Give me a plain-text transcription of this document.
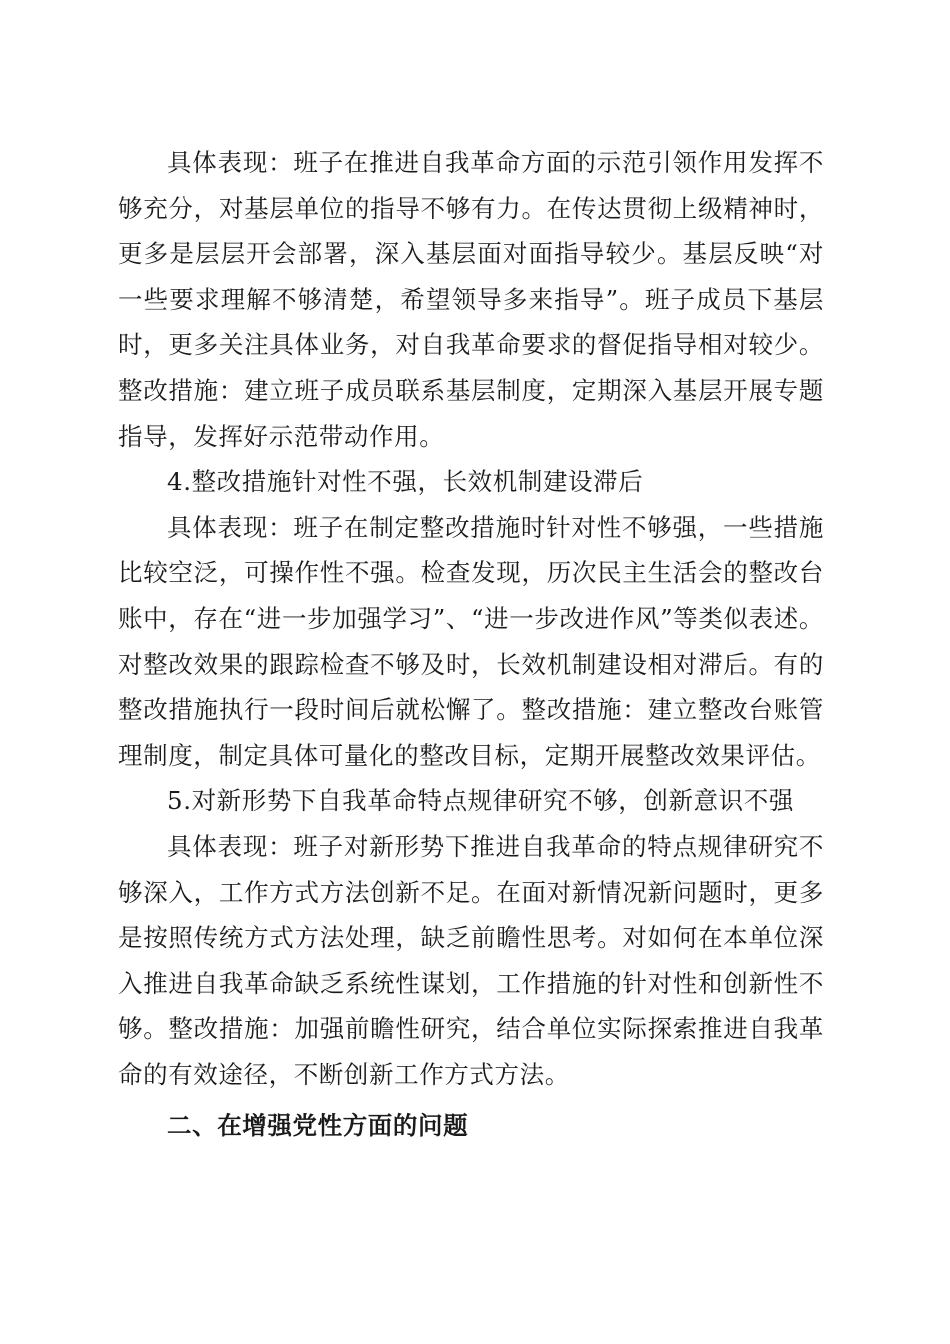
具体表现：班子在推进自我革命方面的示范引领作用发挥不够充分，对基层单位的指导不够有力。在传达贯彻上级精神时，更多是层层开会部署，深入基层面对面指导较少。基层反映“对一些要求理解不够清楚，希望领导多来指导”。班子成员下基层时，更多关注具体业务，对自我革命要求的督促指导相对较少。整改措施：建立班子成员联系基层制度，定期深入基层开展专题指导，发挥好示范带动作用。

4.整改措施针对性不强，长效机制建设滞后

具体表现：班子在制定整改措施时针对性不够强，一些措施比较空泛，可操作性不强。检查发现，历次民主生活会的整改台账中，存在“进一步加强学习”、“进一步改进作风”等类似表述。对整改效果的跟踪检查不够及时，长效机制建设相对滞后。有的整改措施执行一段时间后就松懈了。整改措施：建立整改台账管理制度，制定具体可量化的整改目标，定期开展整改效果评估。

5.对新形势下自我革命特点规律研究不够，创新意识不强

具体表现：班子对新形势下推进自我革命的特点规律研究不够深入，工作方式方法创新不足。在面对新情况新问题时，更多是按照传统方式方法处理，缺乏前瞻性思考。对如何在本单位深入推进自我革命缺乏系统性谋划，工作措施的针对性和创新性不够。整改措施：加强前瞻性研究，结合单位实际探索推进自我革命的有效途径，不断创新工作方式方法。

二、在增强党性方面的问题
